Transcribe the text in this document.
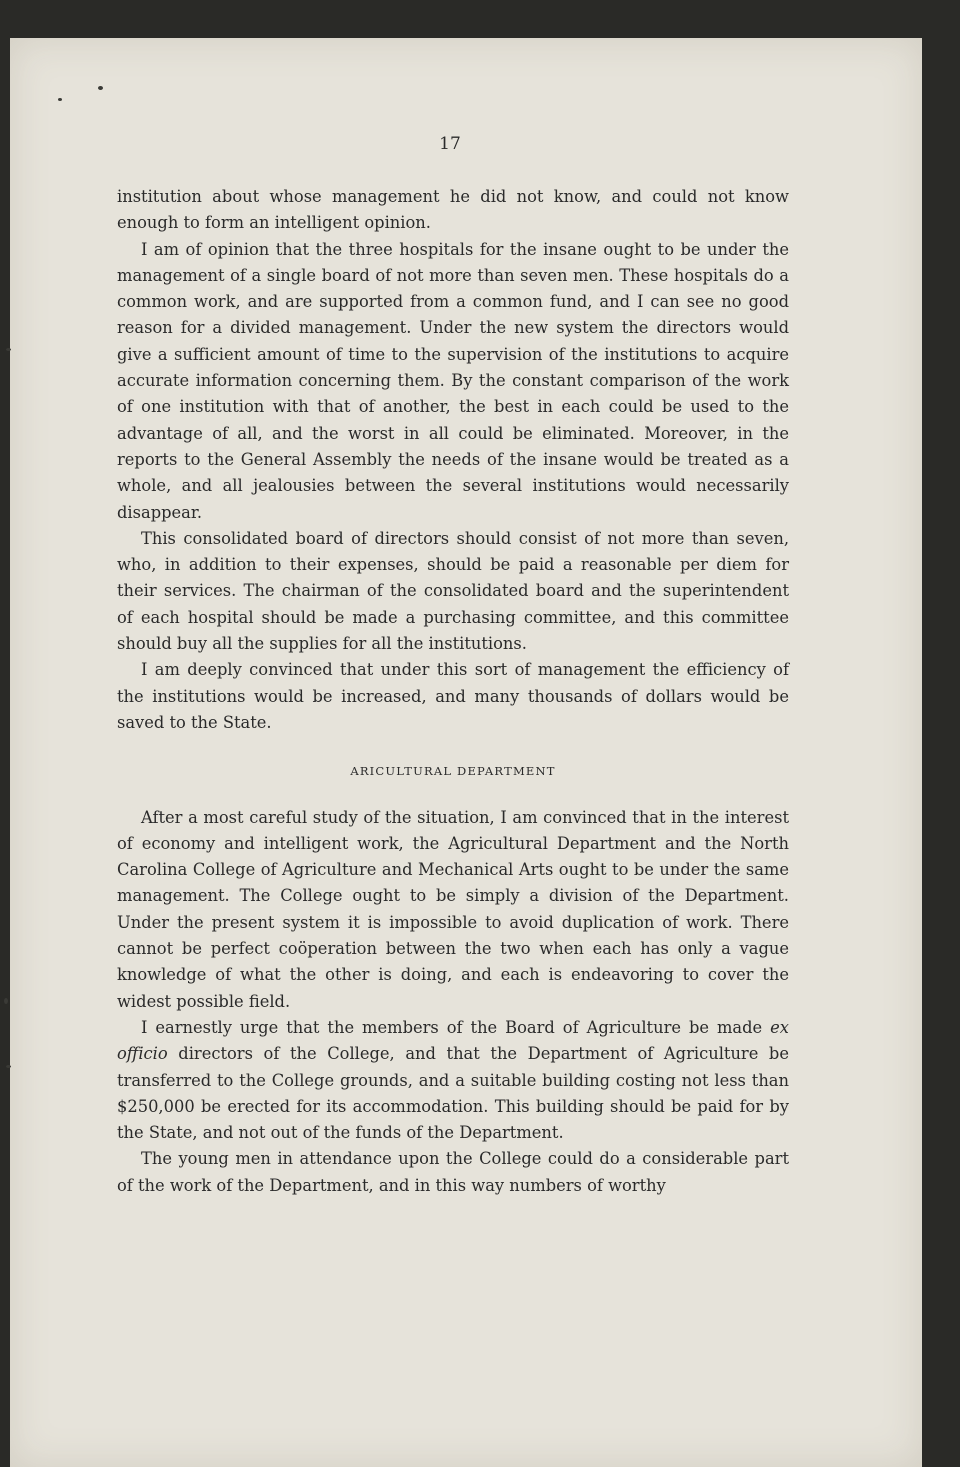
17

institution about whose management he did not know, and could not know enough to form an intelligent opinion.

I am of opinion that the three hospitals for the insane ought to be under the management of a single board of not more than seven men. These hospitals do a common work, and are supported from a common fund, and I can see no good reason for a divided management. Under the new system the directors would give a sufficient amount of time to the supervision of the institutions to acquire accurate information concerning them. By the constant comparison of the work of one institution with that of another, the best in each could be used to the advantage of all, and the worst in all could be eliminated. Moreover, in the reports to the General Assembly the needs of the insane would be treated as a whole, and all jealousies between the several institutions would necessarily disappear.

This consolidated board of directors should consist of not more than seven, who, in addition to their expenses, should be paid a reasonable per diem for their services. The chairman of the consolidated board and the superintendent of each hospital should be made a purchasing committee, and this committee should buy all the supplies for all the institutions.

I am deeply convinced that under this sort of management the efficiency of the institutions would be increased, and many thousands of dollars would be saved to the State.

ARICULTURAL DEPARTMENT

After a most careful study of the situation, I am convinced that in the interest of economy and intelligent work, the Agricultural Department and the North Carolina College of Agriculture and Mechanical Arts ought to be under the same management. The College ought to be simply a division of the Department. Under the present system it is impossible to avoid duplication of work. There cannot be perfect coöperation between the two when each has only a vague knowledge of what the other is doing, and each is endeavoring to cover the widest possible field.

I earnestly urge that the members of the Board of Agriculture be made ex officio directors of the College, and that the Department of Agriculture be transferred to the College grounds, and a suitable building costing not less than $250,000 be erected for its accommodation. This building should be paid for by the State, and not out of the funds of the Department.

The young men in attendance upon the College could do a considerable part of the work of the Department, and in this way numbers of worthy
